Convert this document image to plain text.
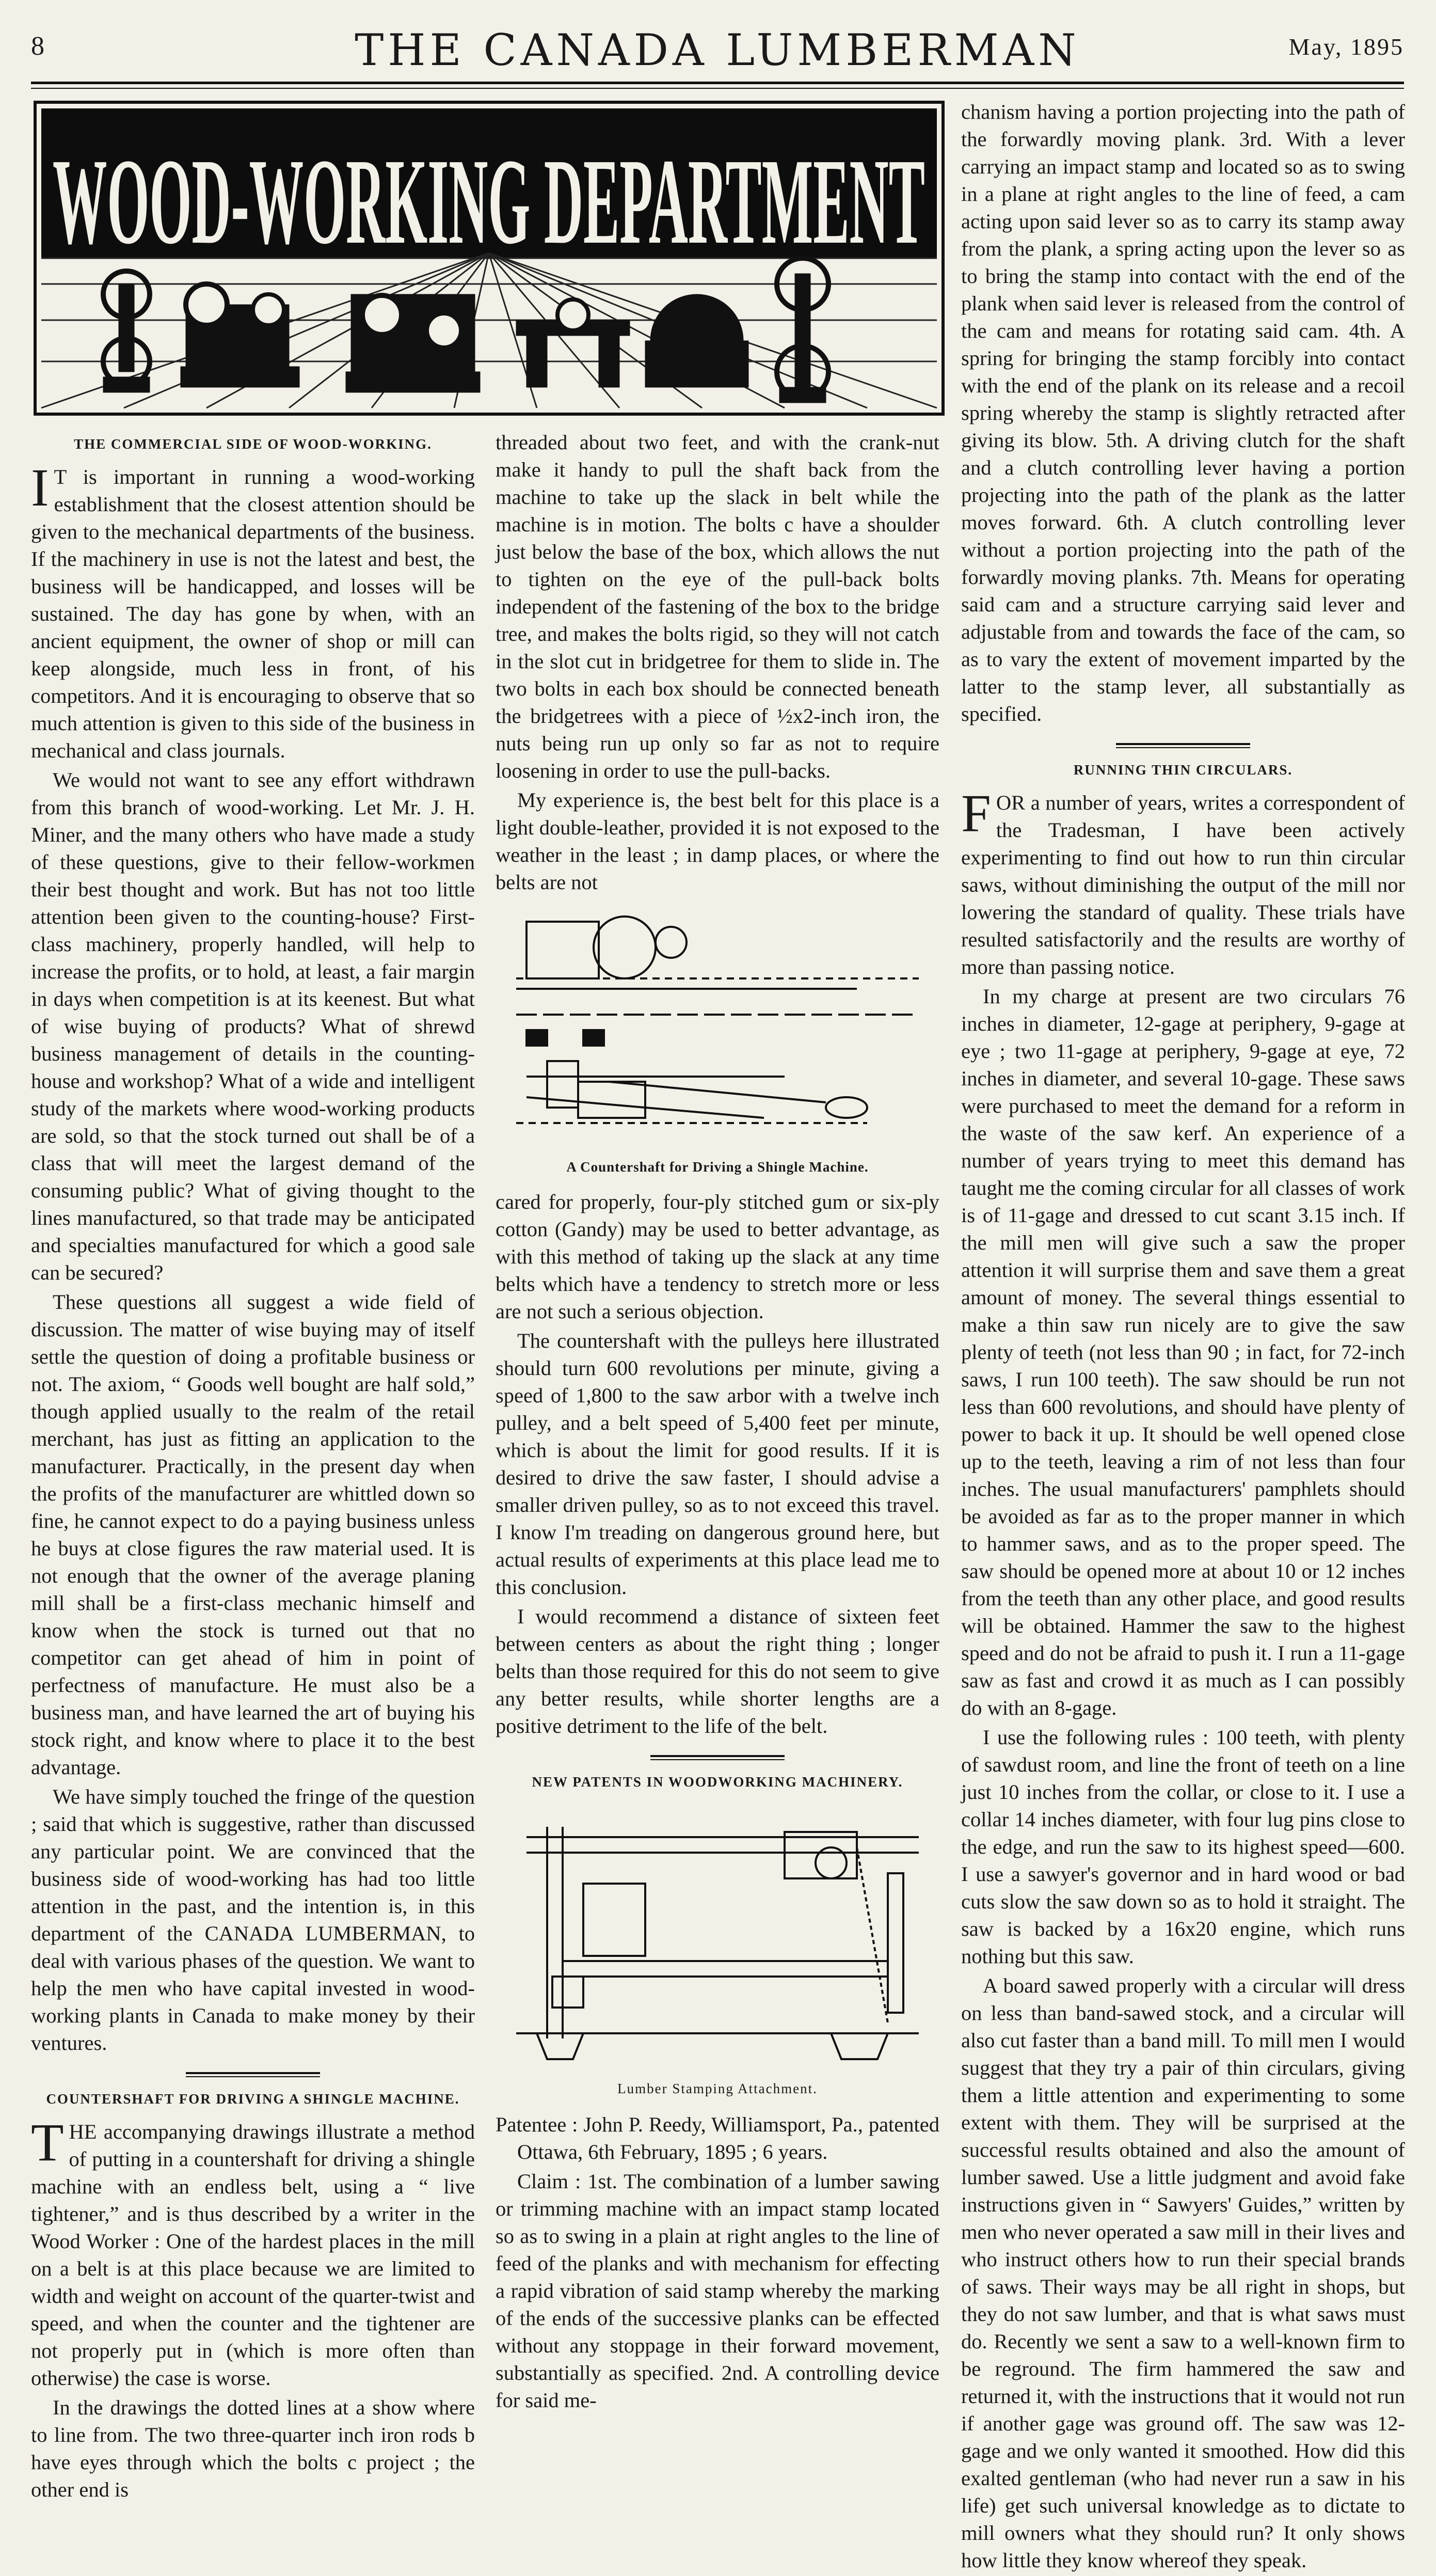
8	THE CANADA LUMBERMAN	May, 1895
WOOD-WORKING DEPARTMENT
THE COMMERCIAL SIDE OF WOOD-WORKING.

I T is important in running a wood-working establishment that the closest attention should be given to the mechanical departments of the business. If the machinery in use is not the latest and best, the business will be handicapped, and losses will be sustained. The day has gone by when, with an ancient equipment, the owner of shop or mill can keep alongside, much less in front, of his competitors. And it is encouraging to observe that so much attention is given to this side of the business in mechanical and class journals.

We would not want to see any effort withdrawn from this branch of wood-working. Let Mr. J. H. Miner, and the many others who have made a study of these questions, give to their fellow-workmen their best thought and work. But has not too little attention been given to the counting-house? First-class machinery, properly handled, will help to increase the profits, or to hold, at least, a fair margin in days when competition is at its keenest. But what of wise buying of products? What of shrewd business management of details in the counting-house and workshop? What of a wide and intelligent study of the markets where wood-working products are sold, so that the stock turned out shall be of a class that will meet the largest demand of the consuming public? What of giving thought to the lines manufactured, so that trade may be anticipated and specialties manufactured for which a good sale can be secured?

These questions all suggest a wide field of discussion. The matter of wise buying may of itself settle the question of doing a profitable business or not. The axiom, “ Goods well bought are half sold,” though applied usually to the realm of the retail merchant, has just as fitting an application to the manufacturer. Practically, in the present day when the profits of the manufacturer are whittled down so fine, he cannot expect to do a paying business unless he buys at close figures the raw material used. It is not enough that the owner of the average planing mill shall be a first-class mechanic himself and know when the stock is turned out that no competitor can get ahead of him in point of perfectness of manufacture. He must also be a business man, and have learned the art of buying his stock right, and know where to place it to the best advantage.

We have simply touched the fringe of the question ; said that which is suggestive, rather than discussed any particular point. We are convinced that the business side of wood-working has had too little attention in the past, and the intention is, in this department of the CANADA LUMBERMAN, to deal with various phases of the question. We want to help the men who have capital invested in wood-working plants in Canada to make money by their ventures.

COUNTERSHAFT FOR DRIVING A SHINGLE MACHINE.

T HE accompanying drawings illustrate a method of putting in a countershaft for driving a shingle machine with an endless belt, using a “ live tightener,” and is thus described by a writer in the Wood Worker : One of the hardest places in the mill on a belt is at this place because we are limited to width and weight on account of the quarter-twist and speed, and when the counter and the tightener are not properly put in (which is more often than otherwise) the case is worse.

In the drawings the dotted lines at a show where to line from. The two three-quarter inch iron rods b have eyes through which the bolts c project ; the other end is

threaded about two feet, and with the crank-nut make it handy to pull the shaft back from the machine to take up the slack in belt while the machine is in motion. The bolts c have a shoulder just below the base of the box, which allows the nut to tighten on the eye of the pull-back bolts independent of the fastening of the box to the bridge tree, and makes the bolts rigid, so they will not catch in the slot cut in bridgetree for them to slide in. The two bolts in each box should be connected beneath the bridgetrees with a piece of ½x2-inch iron, the nuts being run up only so far as not to require loosening in order to use the pull-backs.

My experience is, the best belt for this place is a light double-leather, provided it is not exposed to the weather in the least ; in damp places, or where the belts are not

A Countershaft for Driving a Shingle Machine.

cared for properly, four-ply stitched gum or six-ply cotton (Gandy) may be used to better advantage, as with this method of taking up the slack at any time belts which have a tendency to stretch more or less are not such a serious objection.

The countershaft with the pulleys here illustrated should turn 600 revolutions per minute, giving a speed of 1,800 to the saw arbor with a twelve inch pulley, and a belt speed of 5,400 feet per minute, which is about the limit for good results. If it is desired to drive the saw faster, I should advise a smaller driven pulley, so as to not exceed this travel. I know I'm treading on dangerous ground here, but actual results of experiments at this place lead me to this conclusion.

I would recommend a distance of sixteen feet between centers as about the right thing ; longer belts than those required for this do not seem to give any better results, while shorter lengths are a positive detriment to the life of the belt.

NEW PATENTS IN WOODWORKING MACHINERY.
Lumber Stamping Attachment.

Patentee : John P. Reedy, Williamsport, Pa., patented Ottawa, 6th February, 1895 ; 6 years.

Claim : 1st. The combination of a lumber sawing or trimming machine with an impact stamp located so as to swing in a plain at right angles to the line of feed of the planks and with mechanism for effecting a rapid vibration of said stamp whereby the marking of the ends of the successive planks can be effected without any stoppage in their forward movement, substantially as specified. 2nd. A controlling device for said me-

chanism having a portion projecting into the path of the forwardly moving plank. 3rd. With a lever carrying an impact stamp and located so as to swing in a plane at right angles to the line of feed, a cam acting upon said lever so as to carry its stamp away from the plank, a spring acting upon the lever so as to bring the stamp into contact with the end of the plank when said lever is released from the control of the cam and means for rotating said cam. 4th. A spring for bringing the stamp forcibly into contact with the end of the plank on its release and a recoil spring whereby the stamp is slightly retracted after giving its blow. 5th. A driving clutch for the shaft and a clutch controlling lever having a portion projecting into the path of the plank as the latter moves forward. 6th. A clutch controlling lever without a portion projecting into the path of the forwardly moving planks. 7th. Means for operating said cam and a structure carrying said lever and adjustable from and towards the face of the cam, so as to vary the extent of movement imparted by the latter to the stamp lever, all substantially as specified.

RUNNING THIN CIRCULARS.

F OR a number of years, writes a correspondent of the Tradesman, I have been actively experimenting to find out how to run thin circular saws, without diminishing the output of the mill nor lowering the standard of quality. These trials have resulted satisfactorily and the results are worthy of more than passing notice.

In my charge at present are two circulars 76 inches in diameter, 12-gage at periphery, 9-gage at eye ; two 11-gage at periphery, 9-gage at eye, 72 inches in diameter, and several 10-gage. These saws were purchased to meet the demand for a reform in the waste of the saw kerf. An experience of a number of years trying to meet this demand has taught me the coming circular for all classes of work is of 11-gage and dressed to cut scant 3.15 inch. If the mill men will give such a saw the proper attention it will surprise them and save them a great amount of money. The several things essential to make a thin saw run nicely are to give the saw plenty of teeth (not less than 90 ; in fact, for 72-inch saws, I run 100 teeth). The saw should be run not less than 600 revolutions, and should have plenty of power to back it up. It should be well opened close up to the teeth, leaving a rim of not less than four inches. The usual manufacturers' pamphlets should be avoided as far as to the proper manner in which to hammer saws, and as to the proper speed. The saw should be opened more at about 10 or 12 inches from the teeth than any other place, and good results will be obtained. Hammer the saw to the highest speed and do not be afraid to push it. I run a 11-gage saw as fast and crowd it as much as I can possibly do with an 8-gage.

I use the following rules : 100 teeth, with plenty of sawdust room, and line the front of teeth on a line just 10 inches from the collar, or close to it. I use a collar 14 inches diameter, with four lug pins close to the edge, and run the saw to its highest speed—600. I use a sawyer's governor and in hard wood or bad cuts slow the saw down so as to hold it straight. The saw is backed by a 16x20 engine, which runs nothing but this saw.

A board sawed properly with a circular will dress on less than band-sawed stock, and a circular will also cut faster than a band mill. To mill men I would suggest that they try a pair of thin circulars, giving them a little attention and experimenting to some extent with them. They will be surprised at the successful results obtained and also the amount of lumber sawed. Use a little judgment and avoid fake instructions given in “ Sawyers' Guides,” written by men who never operated a saw mill in their lives and who instruct others how to run their special brands of saws. Their ways may be all right in shops, but they do not saw lumber, and that is what saws must do. Recently we sent a saw to a well-known firm to be reground. The firm hammered the saw and returned it, with the instructions that it would not run if another gage was ground off. The saw was 12-gage and we only wanted it smoothed. How did this exalted gentleman (who had never run a saw in his life) get such universal knowledge as to dictate to mill owners what they should run? It only shows how little they know whereof they speak.
